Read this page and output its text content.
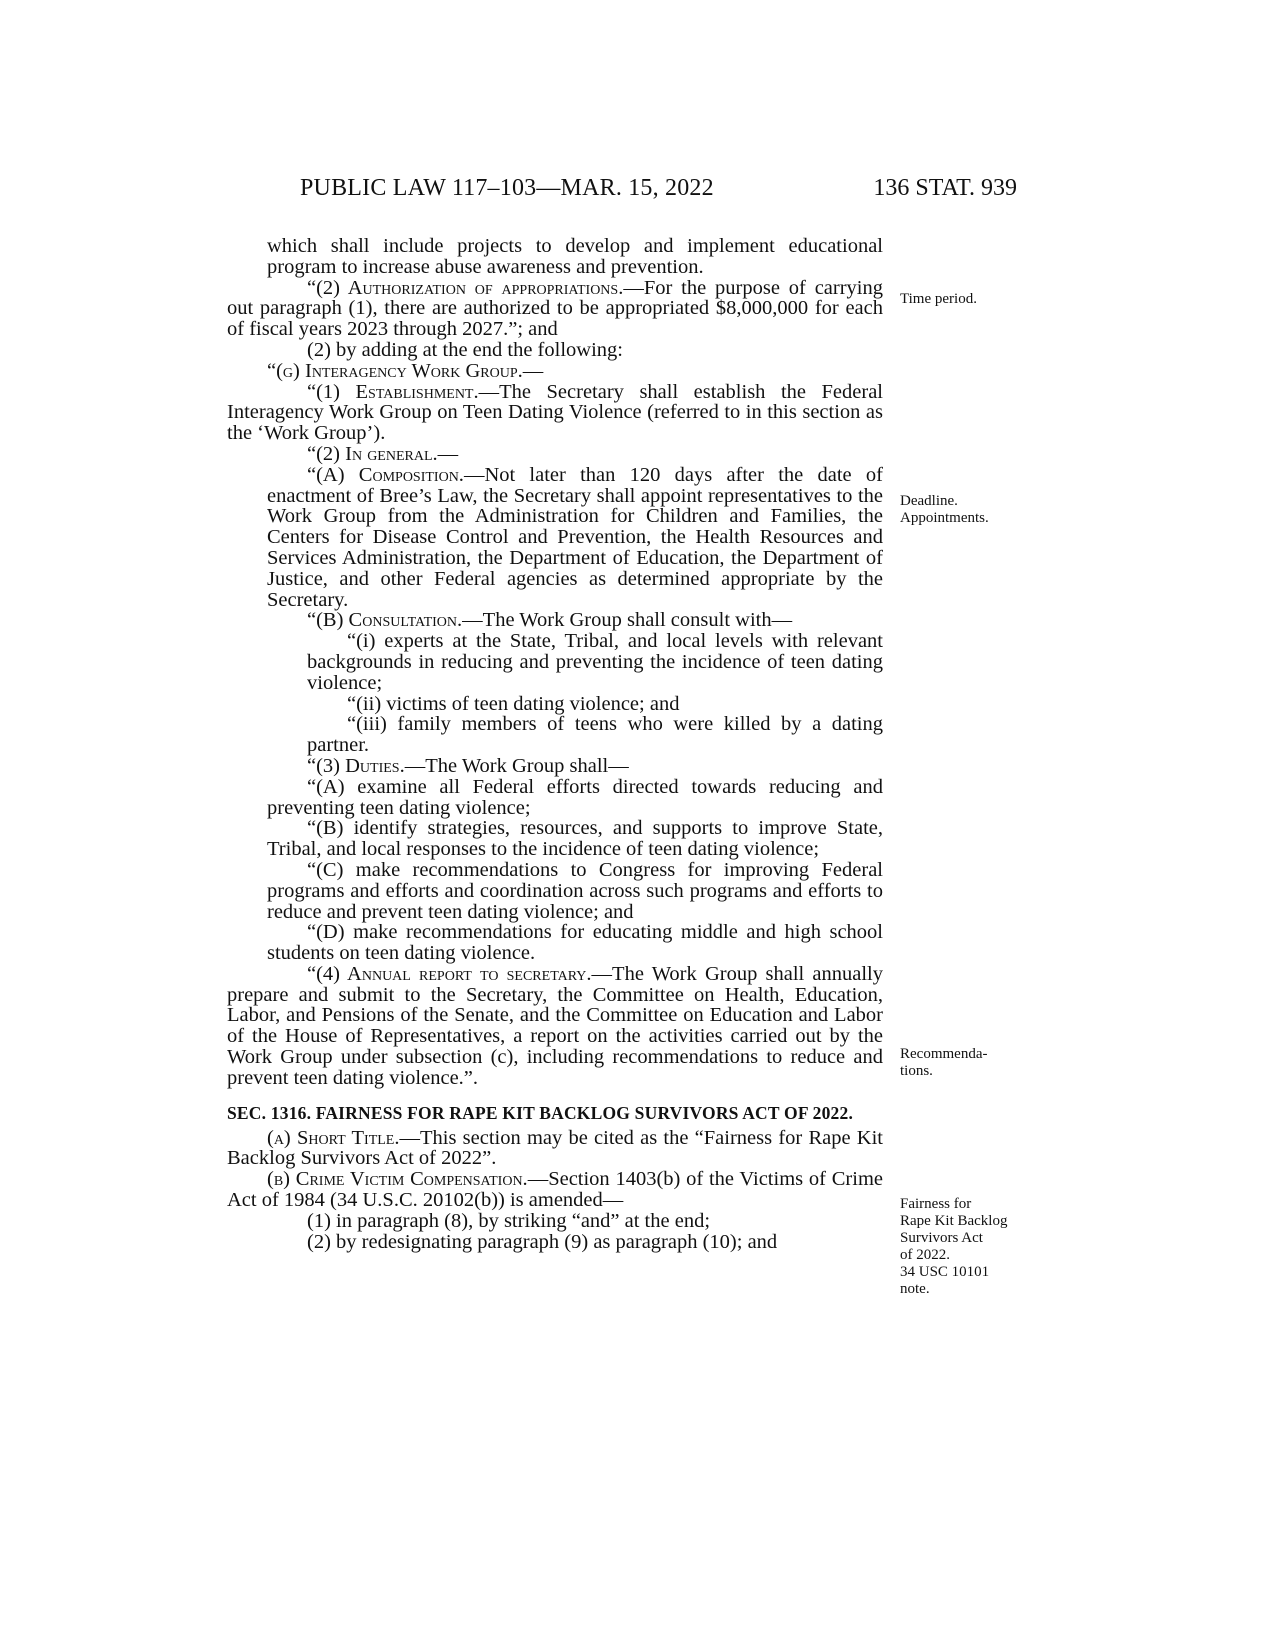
PUBLIC LAW 117–103—MAR. 15, 2022	136 STAT. 939

which shall include projects to develop and implement educational program to increase abuse awareness and prevention.

“(2) Authorization of appropriations.—For the purpose of carrying out paragraph (1), there are authorized to be appropriated $8,000,000 for each of fiscal years 2023 through 2027.”; and

(2) by adding at the end the following:

“(g) Interagency Work Group.—

“(1) Establishment.—The Secretary shall establish the Federal Interagency Work Group on Teen Dating Violence (referred to in this section as the ‘Work Group’).

“(2) In general.—

“(A) Composition.—Not later than 120 days after the date of enactment of Bree’s Law, the Secretary shall appoint representatives to the Work Group from the Administration for Children and Families, the Centers for Disease Control and Prevention, the Health Resources and Services Administration, the Department of Education, the Department of Justice, and other Federal agencies as determined appropriate by the Secretary.

“(B) Consultation.—The Work Group shall consult with—

“(i) experts at the State, Tribal, and local levels with relevant backgrounds in reducing and preventing the incidence of teen dating violence;

“(ii) victims of teen dating violence; and

“(iii) family members of teens who were killed by a dating partner.

“(3) Duties.—The Work Group shall—

“(A) examine all Federal efforts directed towards reducing and preventing teen dating violence;

“(B) identify strategies, resources, and supports to improve State, Tribal, and local responses to the incidence of teen dating violence;

“(C) make recommendations to Congress for improving Federal programs and efforts and coordination across such programs and efforts to reduce and prevent teen dating violence; and

“(D) make recommendations for educating middle and high school students on teen dating violence.

“(4) Annual report to secretary.—The Work Group shall annually prepare and submit to the Secretary, the Committee on Health, Education, Labor, and Pensions of the Senate, and the Committee on Education and Labor of the House of Representatives, a report on the activities carried out by the Work Group under subsection (c), including recommendations to reduce and prevent teen dating violence.”.

SEC. 1316. FAIRNESS FOR RAPE KIT BACKLOG SURVIVORS ACT OF 2022.

(a) Short Title.—This section may be cited as the “Fairness for Rape Kit Backlog Survivors Act of 2022”.

(b) Crime Victim Compensation.—Section 1403(b) of the Victims of Crime Act of 1984 (34 U.S.C. 20102(b)) is amended—

(1) in paragraph (8), by striking “and” at the end;

(2) by redesignating paragraph (9) as paragraph (10); and

Time period.
Deadline.
Appointments.
Recommenda-
tions.
Fairness for
Rape Kit Backlog
Survivors Act
of 2022.
34 USC 10101
note.
